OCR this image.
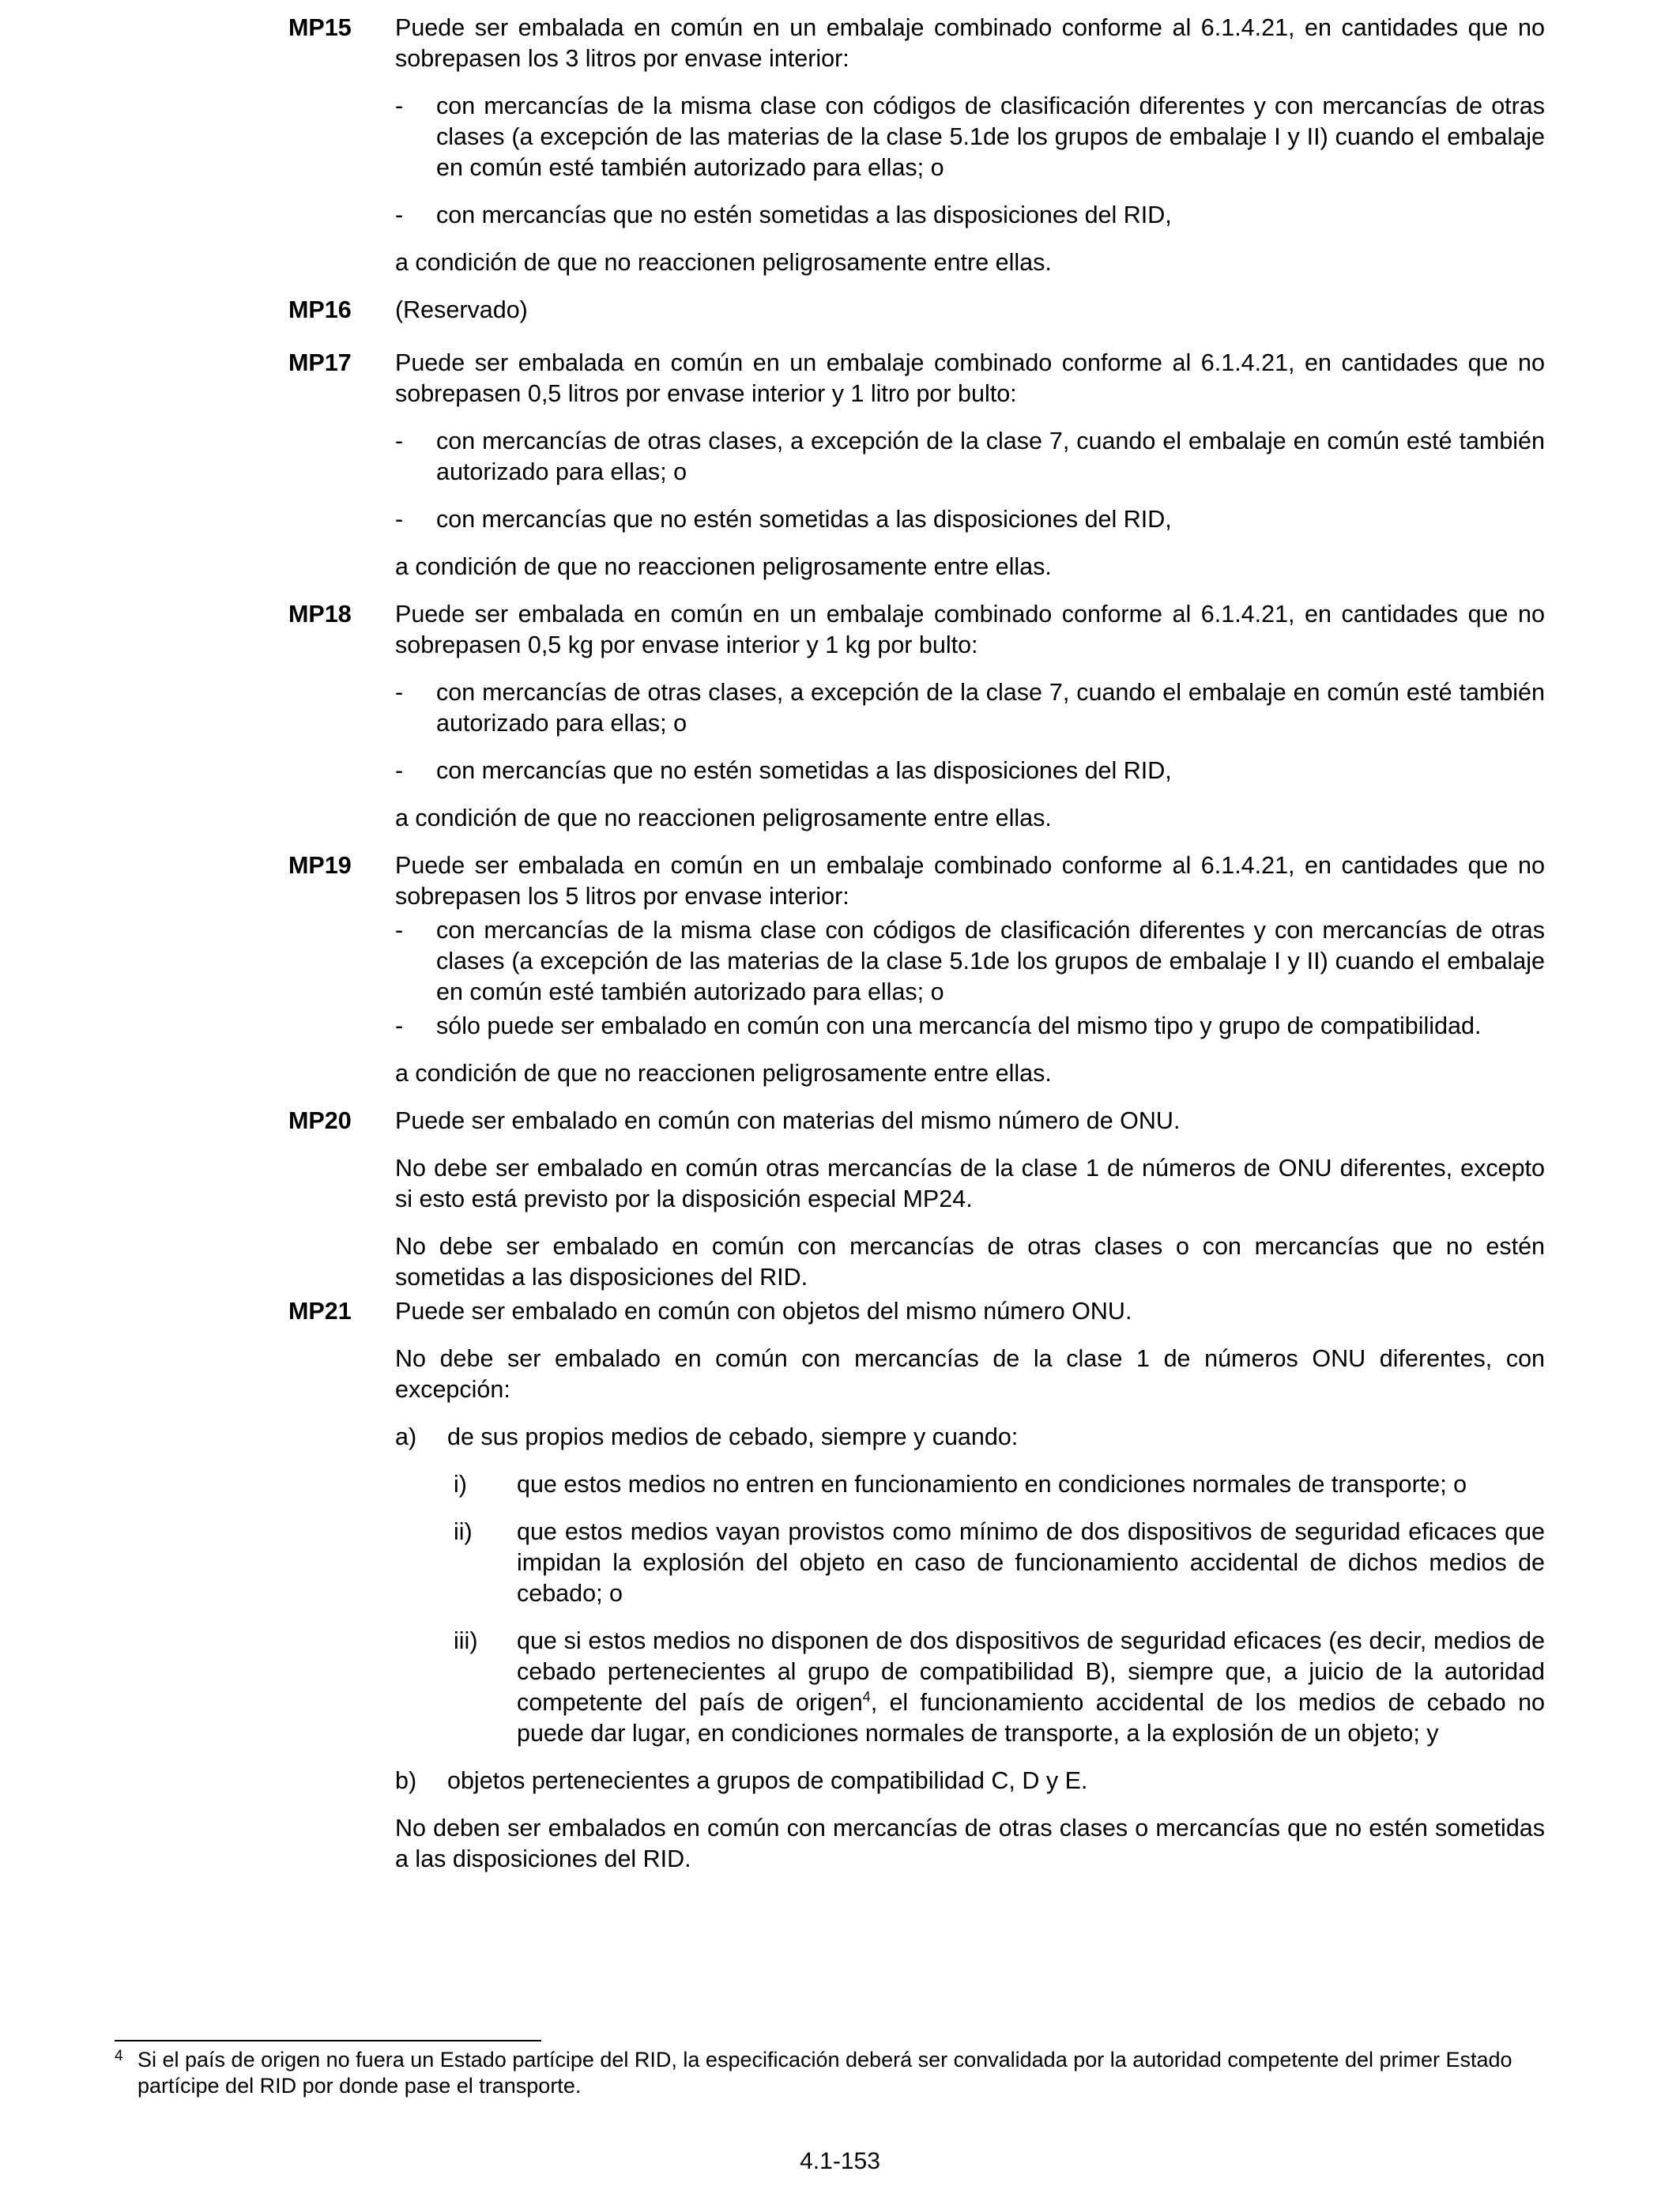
MP15	Puede ser embalada en común en un embalaje combinado conforme al 6.1.4.21, en cantidades que no sobrepasen los 3 litros por envase interior:

-	con mercancías de la misma clase con códigos de clasificación diferentes y con mercancías de otras clases (a excepción de las materias de la clase 5.1de los grupos de embalaje I y II) cuando el embalaje en común esté también autorizado para ellas; o
-	con mercancías que no estén sometidas a las disposiciones del RID,

a condición de que no reaccionen peligrosamente entre ellas.

MP16	(Reservado)

MP17	Puede ser embalada en común en un embalaje combinado conforme al 6.1.4.21, en cantidades que no sobrepasen 0,5 litros por envase interior y 1 litro por bulto:

-	con mercancías de otras clases, a excepción de la clase 7, cuando el embalaje en común esté también autorizado para ellas; o
-	con mercancías que no estén sometidas a las disposiciones del RID,

a condición de que no reaccionen peligrosamente entre ellas.

MP18	Puede ser embalada en común en un embalaje combinado conforme al 6.1.4.21, en cantidades que no sobrepasen 0,5 kg por envase interior y 1 kg por bulto:

-	con mercancías de otras clases, a excepción de la clase 7, cuando el embalaje en común esté también autorizado para ellas; o
-	con mercancías que no estén sometidas a las disposiciones del RID,

a condición de que no reaccionen peligrosamente entre ellas.

MP19	Puede ser embalada en común en un embalaje combinado conforme al 6.1.4.21, en cantidades que no sobrepasen los 5 litros por envase interior:

-	con mercancías de la misma clase con códigos de clasificación diferentes y con mercancías de otras clases (a excepción de las materias de la clase 5.1de los grupos de embalaje I y II) cuando el embalaje en común esté también autorizado para ellas; o
-	sólo puede ser embalado en común con una mercancía del mismo tipo y grupo de compatibilidad.

a condición de que no reaccionen peligrosamente entre ellas.

MP20	Puede ser embalado en común con materias del mismo número de ONU.

No debe ser embalado en común otras mercancías de la clase 1 de números de ONU diferentes, excepto si esto está previsto por la disposición especial MP24.

No debe ser embalado en común con mercancías de otras clases o con mercancías que no estén sometidas a las disposiciones del RID.

MP21	Puede ser embalado en común con objetos del mismo número ONU.

No debe ser embalado en común con mercancías de la clase 1 de números ONU diferentes, con excepción:

a)	de sus propios medios de cebado, siempre y cuando:
i)	que estos medios no entren en funcionamiento en condiciones normales de transporte; o
ii)	que estos medios vayan provistos como mínimo de dos dispositivos de seguridad eficaces que impidan la explosión del objeto en caso de funcionamiento accidental de dichos medios de cebado; o
iii)	que si estos medios no disponen de dos dispositivos de seguridad eficaces (es decir, medios de cebado pertenecientes al grupo de compatibilidad B), siempre que, a juicio de la autoridad competente del país de origen$^4$, el funcionamiento accidental de los medios de cebado no puede dar lugar, en condiciones normales de transporte, a la explosión de un objeto; y
b)	objetos pertenecientes a grupos de compatibilidad C, D y E.

No deben ser embalados en común con mercancías de otras clases o mercancías que no estén sometidas a las disposiciones del RID.

4 Si el país de origen no fuera un Estado partícipe del RID, la especificación deberá ser convalidada por la autoridad competente del primer Estado partícipe del RID por donde pase el transporte.
4.1-153
